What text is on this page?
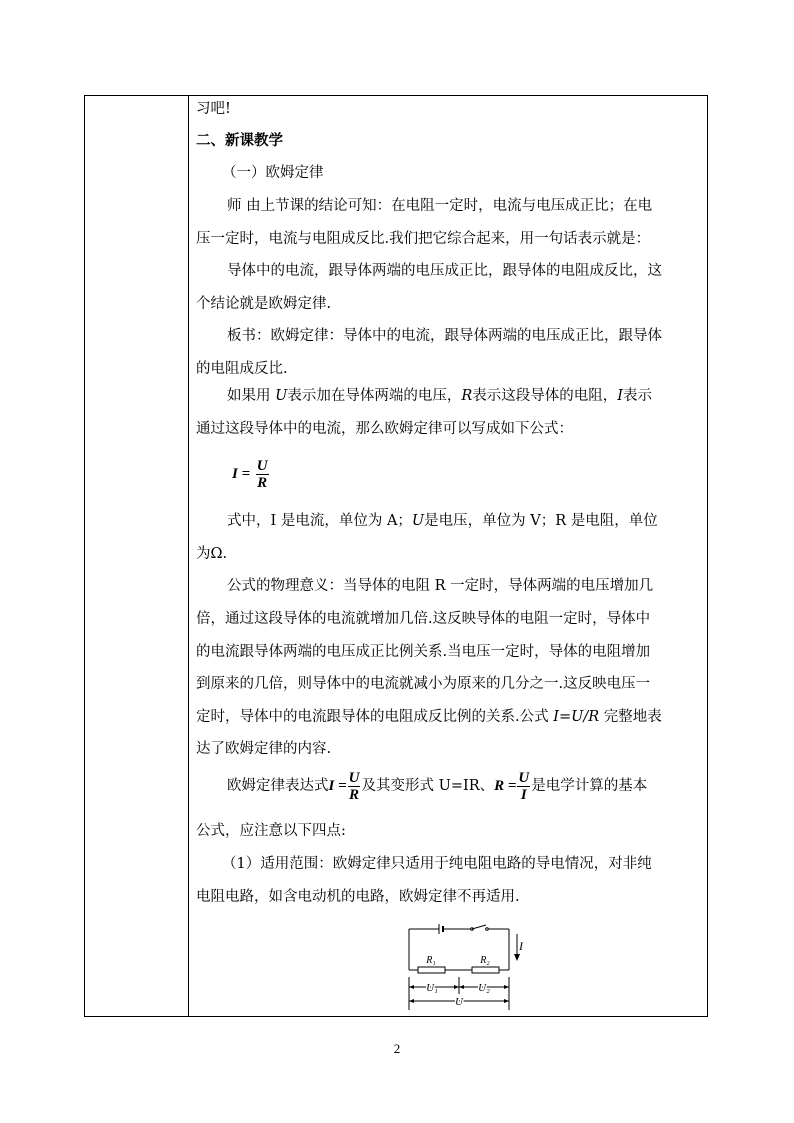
习吧!
二、新课教学
（一）欧姆定律
师 由上节课的结论可知：在电阻一定时，电流与电压成正比；在电
压一定时，电流与电阻成反比.我们把它综合起来，用一句话表示就是：
导体中的电流，跟导体两端的电压成正比，跟导体的电阻成反比，这
个结论就是欧姆定律.
板书：欧姆定律：导体中的电流，跟导体两端的电压成正比，跟导体
的电阻成反比.
如果用 U表示加在导体两端的电压，R表示这段导体的电阻，I表示
通过这段导体中的电流，那么欧姆定律可以写成如下公式：
$I = \frac{U}{R}$
式中，I 是电流，单位为 A；U是电压，单位为 V；R 是电阻，单位
为Ω.
公式的物理意义：当导体的电阻 R 一定时，导体两端的电压增加几
倍，通过这段导体的电流就增加几倍.这反映导体的电阻一定时，导体中
的电流跟导体两端的电压成正比例关系.当电压一定时，导体的电阻增加
到原来的几倍，则导体中的电流就减小为原来的几分之一.这反映电压一
定时，导体中的电流跟导体的电阻成反比例的关系.公式 I=U/R 完整地表
达了欧姆定律的内容.
欧姆定律表达式$I = \frac{U}{R}$ 及其变形式 U=IR、$R = \frac{U}{I}$ 是电学计算的基本
公式，应注意以下四点:
（1）适用范围：欧姆定律只适用于纯电阻电路的导电情况，对非纯
电阻电路，如含电动机的电路，欧姆定律不再适用.
I
R₁	R₂
U₁	U₂
U
2
